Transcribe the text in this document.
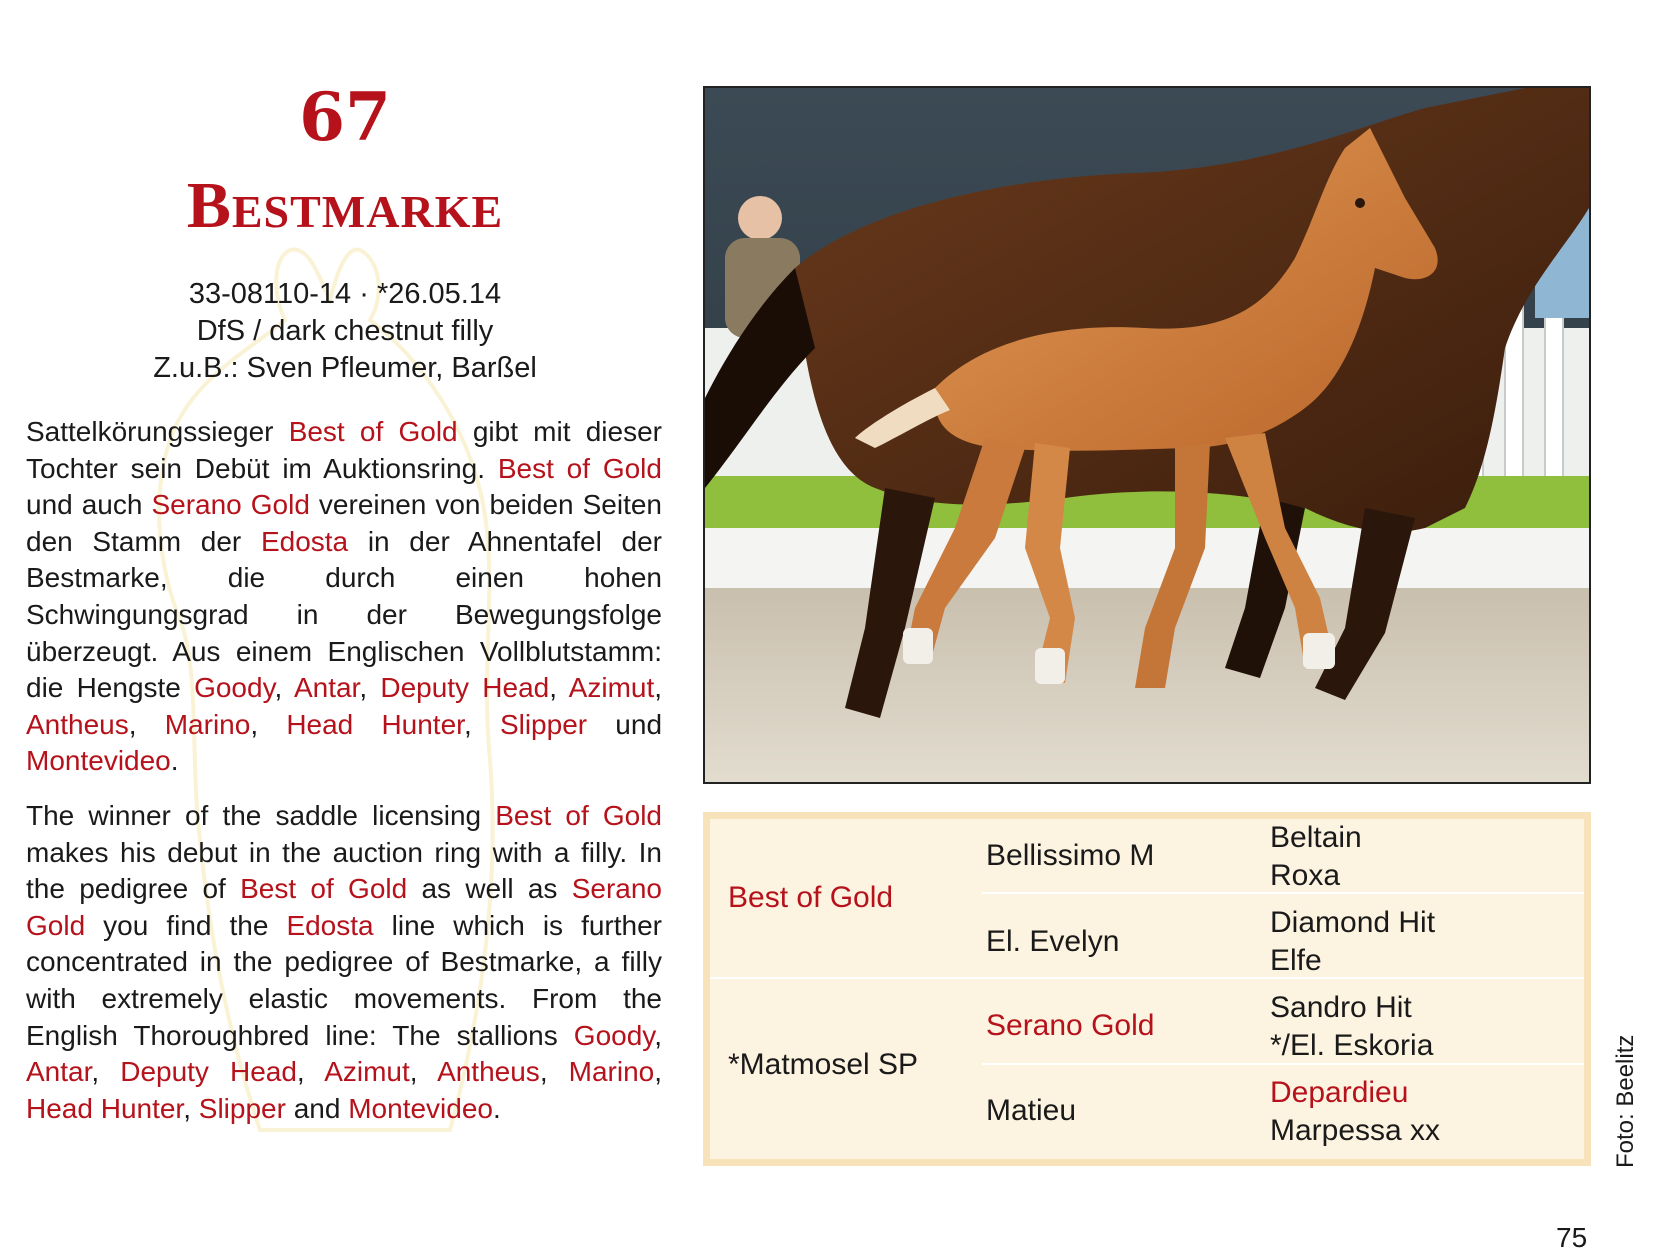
67
Bestmarke
33-08110-14 · *26.05.14
DfS / dark chestnut filly
Z.u.B.: Sven Pfleumer, Barßel
Sattelkörungssieger Best of Gold gibt mit dieser Tochter sein Debüt im Auktionsring. Best of Gold und auch Serano Gold vereinen von beiden Seiten den Stamm der Edosta in der Ahnentafel der Bestmarke, die durch einen hohen Schwingungsgrad in der Bewegungsfolge überzeugt. Aus einem Englischen Vollblutstamm: die Hengste Goody, Antar, Deputy Head, Azimut, Antheus, Marino, Head Hunter, Slipper und Montevideo.
The winner of the saddle licensing Best of Gold makes his debut in the auction ring with a filly. In the pedigree of Best of Gold as well as Serano Gold you find the Edosta line which is further concentrated in the pedigree of Bestmarke, a filly with extremely elastic movements. From the English Thoroughbred line: The stallions Goody, Antar, Deputy Head, Azimut, Antheus, Marino, Head Hunter, Slipper and Montevideo.
Best of Gold
*Matmosel SP
Bellissimo M
El. Evelyn
Serano Gold
Matieu
Beltain
Roxa
Diamond Hit
Elfe
Sandro Hit
*/El. Eskoria
Depardieu
Marpessa xx	Foto: Beelitz
75
